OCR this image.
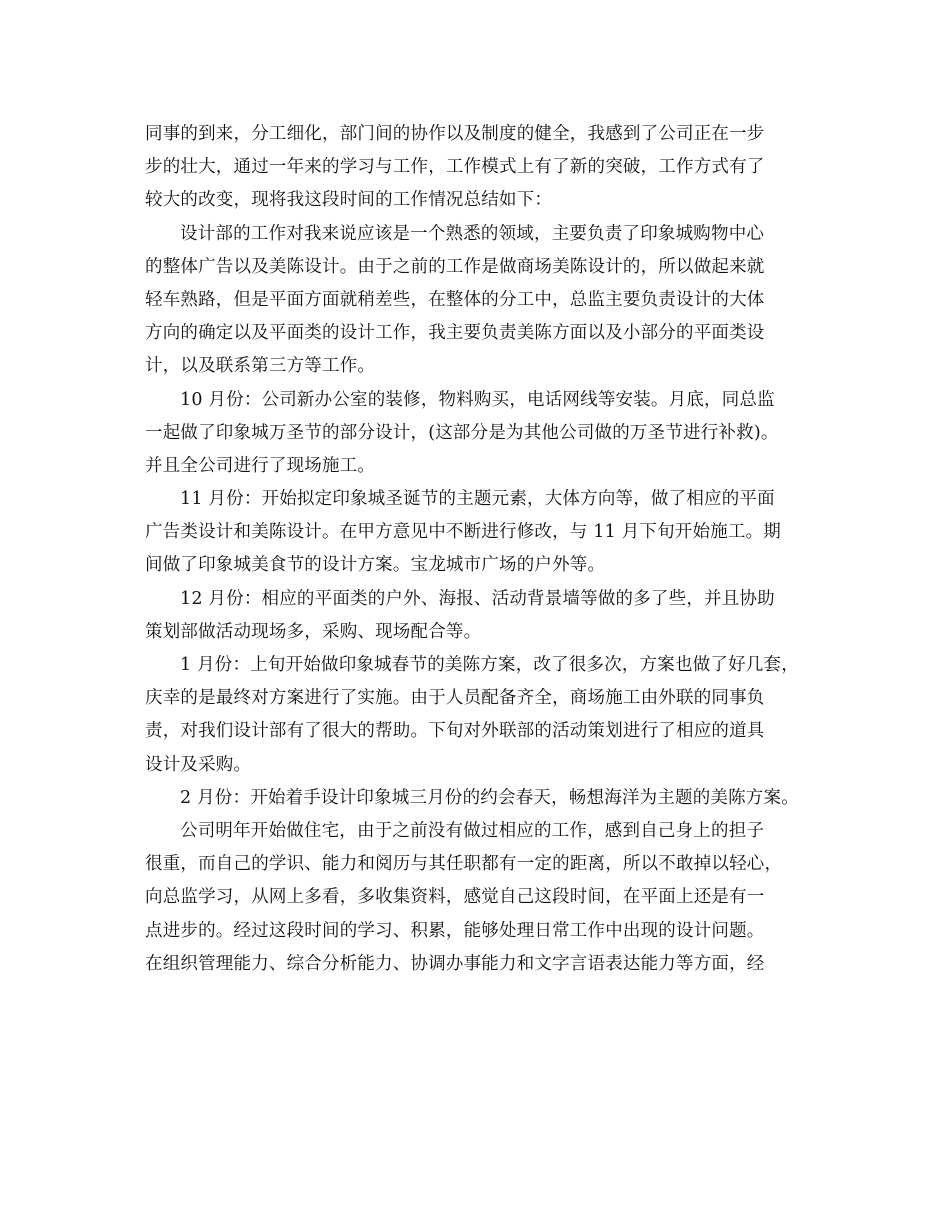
同事的到来，分工细化，部门间的协作以及制度的健全，我感到了公司正在一步
步的壮大，通过一年来的学习与工作，工作模式上有了新的突破，工作方式有了
较大的改变，现将我这段时间的工作情况总结如下：
设计部的工作对我来说应该是一个熟悉的领域，主要负责了印象城购物中心
的整体广告以及美陈设计。由于之前的工作是做商场美陈设计的，所以做起来就
轻车熟路，但是平面方面就稍差些，在整体的分工中，总监主要负责设计的大体
方向的确定以及平面类的设计工作，我主要负责美陈方面以及小部分的平面类设
计，以及联系第三方等工作。
10 月份：公司新办公室的装修，物料购买，电话网线等安装。月底，同总监
一起做了印象城万圣节的部分设计，(这部分是为其他公司做的万圣节进行补救)。
并且全公司进行了现场施工。
11 月份：开始拟定印象城圣诞节的主题元素，大体方向等，做了相应的平面
广告类设计和美陈设计。在甲方意见中不断进行修改，与 11 月下旬开始施工。期
间做了印象城美食节的设计方案。宝龙城市广场的户外等。
12 月份：相应的平面类的户外、海报、活动背景墙等做的多了些，并且协助
策划部做活动现场多，采购、现场配合等。
1 月份：上旬开始做印象城春节的美陈方案，改了很多次，方案也做了好几套，
庆幸的是最终对方案进行了实施。由于人员配备齐全，商场施工由外联的同事负
责，对我们设计部有了很大的帮助。下旬对外联部的活动策划进行了相应的道具
设计及采购。
2 月份：开始着手设计印象城三月份的约会春天，畅想海洋为主题的美陈方案。
公司明年开始做住宅，由于之前没有做过相应的工作，感到自己身上的担子
很重，而自己的学识、能力和阅历与其任职都有一定的距离，所以不敢掉以轻心，
向总监学习，从网上多看，多收集资料，感觉自己这段时间，在平面上还是有一
点进步的。经过这段时间的学习、积累，能够处理日常工作中出现的设计问题。
在组织管理能力、综合分析能力、协调办事能力和文字言语表达能力等方面，经
